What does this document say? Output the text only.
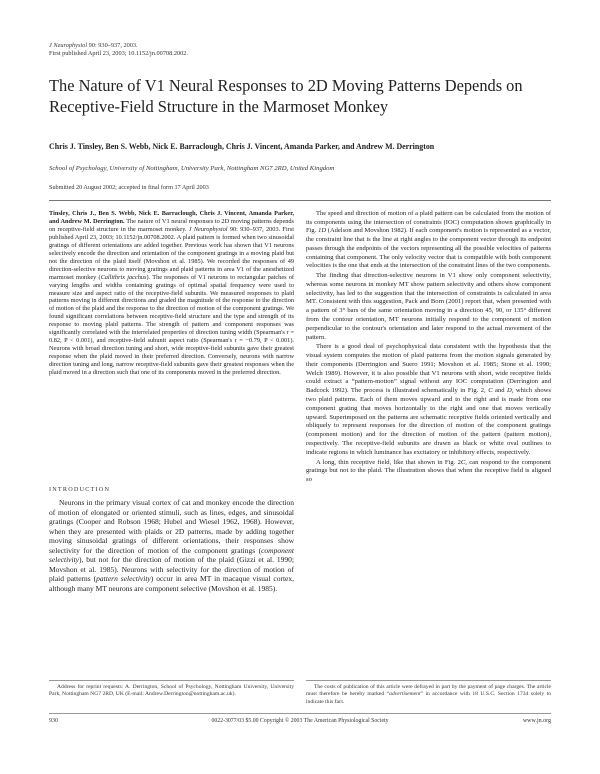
J Neurophysiol 90: 930–937, 2003.
First published April 23, 2003; 10.1152/jn.00708.2002.
The Nature of V1 Neural Responses to 2D Moving Patterns Depends on Receptive-Field Structure in the Marmoset Monkey
Chris J. Tinsley, Ben S. Webb, Nick E. Barraclough, Chris J. Vincent, Amanda Parker, and Andrew M. Derrington
School of Psychology, University of Nottingham, University Park, Nottingham NG7 2RD, United Kingdom
Submitted 20 August 2002; accepted in final form 17 April 2003

Tinsley, Chris J., Ben S. Webb, Nick E. Barraclough, Chris J. Vincent, Amanda Parker, and Andrew M. Derrington. The nature of V1 neural responses to 2D moving patterns depends on receptive-field structure in the marmoset monkey. J Neurophysiol 90: 930–937, 2003. First published April 23, 2003; 10.1152/jn.00708.2002. A plaid pattern is formed when two sinusoidal gratings of different orientations are added together. Previous work has shown that V1 neurons selectively encode the direction and orientation of the component gratings in a moving plaid but not the direction of the plaid itself (Movshon et al. 1985). We recorded the responses of 49 direction-selective neurons to moving gratings and plaid patterns in area V1 of the anesthetized marmoset monkey (Callithrix jacchus). The responses of V1 neurons to rectangular patches of varying lengths and widths containing gratings of optimal spatial frequency were used to measure size and aspect ratio of the receptive-field subunits. We measured responses to plaid patterns moving in different directions and graded the magnitude of the response to the direction of motion of the plaid and the response to the direction of motion of the component gratings. We found significant correlations between receptive-field structure and the type and strength of its response to moving plaid patterns. The strength of pattern and component responses was significantly correlated with the interrelated properties of direction tuning width (Spearman's r = 0.82, P < 0.001), and receptive-field subunit aspect ratio (Spearman's r = −0.79, P < 0.001). Neurons with broad direction tuning and short, wide receptive-field subunits gave their greatest response when the plaid moved in their preferred direction. Conversely, neurons with narrow direction tuning and long, narrow receptive-field subunits gave their greatest responses when the plaid moved in a direction such that one of its components moved in the preferred direction.

INTRODUCTION

Neurons in the primary visual cortex of cat and monkey encode the direction of motion of elongated or oriented stimuli, such as lines, edges, and sinusoidal gratings (Cooper and Robson 1968; Hubel and Wiesel 1962, 1968). However, when they are presented with plaids or 2D patterns, made by adding together moving sinusoidal gratings of different orientations, their responses show selectivity for the direction of motion of the component gratings (component selectivity), but not for the direction of motion of the plaid (Gizzi et al. 1990; Movshon et al. 1985). Neurons with selectivity for the direction of motion of plaid patterns (pattern selectivity) occur in area MT in macaque visual cortex, although many MT neurons are component selective (Movshon et al. 1985).

The speed and direction of motion of a plaid pattern can be calculated from the motion of its components using the intersection of constraints (IOC) computation shown graphically in Fig. 1D (Adelson and Movshon 1982). If each component's motion is represented as a vector, the constraint line that is the line at right angles to the component vector through its endpoint passes through the endpoints of the vectors representing all the possible velocities of patterns containing that component. The only velocity vector that is compatible with both component velocities is the one that ends at the intersection of the constraint lines of the two components.

The finding that direction-selective neurons in V1 show only component selectivity, whereas some neurons in monkey MT show pattern selectivity and others show component selectivity, has led to the suggestion that the intersection of constraints is calculated in area MT. Consistent with this suggestion, Pack and Born (2001) report that, when presented with a pattern of 3° bars of the same orientation moving in a direction 45, 90, or 135° different from the contour orientation, MT neurons initially respond to the component of motion perpendicular to the contour's orientation and later respond to the actual movement of the pattern.

There is a good deal of psychophysical data consistent with the hypothesis that the visual system computes the motion of plaid patterns from the motion signals generated by their components (Derrington and Suero 1991; Movshon et al. 1985; Stone et al. 1990; Welch 1989). However, it is also possible that V1 neurons with short, wide receptive fields could extract a “pattern-motion” signal without any IOC computation (Derrington and Badcock 1992). The process is illustrated schematically in Fig. 2, C and D, which shows two plaid patterns. Each of them moves upward and to the right and is made from one component grating that moves horizontally to the right and one that moves vertically upward. Superimposed on the patterns are schematic receptive fields oriented vertically and obliquely to represent responses for the direction of motion of the component gratings (component motion) and for the direction of motion of the pattern (pattern motion), respectively. The receptive-field subunits are drawn as black or white oval outlines to indicate regions in which luminance has excitatory or inhibitory effects, respectively.

A long, thin receptive field, like that shown in Fig. 2C, can respond to the component gratings but not to the plaid. The illustration shows that when the receptive field is aligned so

Address for reprint requests: A. Derrington, School of Psychology, Nottingham University, University Park, Nottingham NG7 2RD, UK (E-mail: Andrew.Derrington@nottingham.ac.uk).
The costs of publication of this article were defrayed in part by the payment of page charges. The article must therefore be hereby marked “advertisement” in accordance with 18 U.S.C. Section 1734 solely to indicate this fact.
930	0022-3077/03 $5.00 Copyright © 2003 The American Physiological Society	www.jn.org
